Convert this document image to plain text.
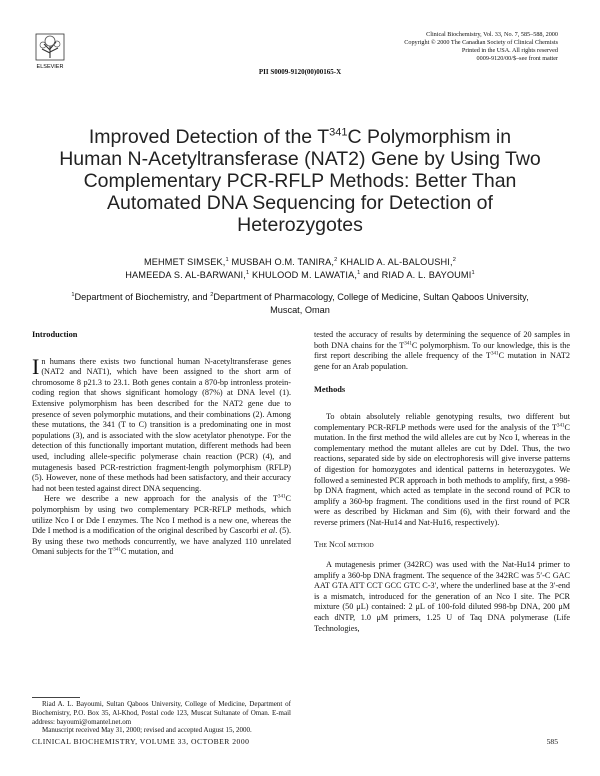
ELSEVIER
Clinical Biochemistry, Vol. 33, No. 7, 585–588, 2000
Copyright © 2000 The Canadian Society of Clinical Chemists
Printed in the USA. All rights reserved
0009-9120/00/$–see front matter
PII S0009-9120(00)00165-X
Improved Detection of the $T^{341}C$ Polymorphism in Human N-Acetyltransferase (NAT2) Gene by Using Two Complementary PCR-RFLP Methods: Better Than Automated DNA Sequencing for Detection of Heterozygotes
MEHMET SIMSEK,$^1$ MUSBAH O.M. TANIRA,$^2$ KHALID A. AL-BALOUSHI,$^2$
HAMEEDA S. AL-BARWANI,$^1$ KHULOOD M. LAWATIA,$^1$ and RIAD A. L. BAYOUMI$^1$
$^1$Department of Biochemistry, and $^2$Department of Pharmacology, College of Medicine, Sultan Qaboos University, Muscat, Oman

Introduction

In humans there exists two functional human N-acetyltransferase genes (NAT2 and NAT1), which have been assigned to the short arm of chromosome 8 p21.3 to 23.1. Both genes contain a 870-bp intronless protein-coding region that shows significant homology (87%) at DNA level (1). Extensive polymorphism has been described for the NAT2 gene due to presence of seven polymorphic mutations, and their combinations (2). Among these mutations, the 341 (T to C) transition is a predominating one in most populations (3), and is associated with the slow acetylator phenotype. For the detection of this functionally important mutation, different methods had been used, including allele-specific polymerase chain reaction (PCR) (4), and mutagenesis based PCR-restriction fragment-length polymorphism (RFLP) (5). However, none of these methods had been satisfactory, and their accuracy had not been tested against direct DNA sequencing.

Here we describe a new approach for the analysis of the $T^{341}C$ polymorphism by using two complementary PCR-RFLP methods, which utilize Nco I or Dde I enzymes. The Nco I method is a new one, whereas the Dde I method is a modification of the original described by Cascorbi et al. (5). By using these two methods concurrently, we have analyzed 110 unrelated Omani subjects for the $T^{341}C$ mutation, and

tested the accuracy of results by determining the sequence of 20 samples in both DNA chains for the $T^{341}C$ polymorphism. To our knowledge, this is the first report describing the allele frequency of the $T^{341}C$ mutation in NAT2 gene for an Arab population.

Methods

To obtain absolutely reliable genotyping results, two different but complementary PCR-RFLP methods were used for the analysis of the $T^{341}C$ mutation. In the first method the wild alleles are cut by Nco I, whereas in the complementary method the mutant alleles are cut by DdeI. Thus, the two reactions, separated side by side on electrophoresis will give inverse patterns of digestion for homozygotes and identical patterns in heterozygotes. We followed a seminested PCR approach in both methods to amplify, first, a 998-bp DNA fragment, which acted as template in the second round of PCR to amplify a 360-bp fragment. The conditions used in the first round of PCR were as described by Hickman and Sim (6), with their forward and the reverse primers (Nat-Hu14 and Nat-Hu16, respectively).

The NcoI method

A mutagenesis primer (342RC) was used with the Nat-Hu14 primer to amplify a 360-bp DNA fragment. The sequence of the 342RC was 5′-C GAC AAT GTA ATT CCT GCC GTC C-3′, where the underlined base at the 3′-end is a mismatch, introduced for the generation of an Nco I site. The PCR mixture (50 μL) contained: 2 μL of 100-fold diluted 998-bp DNA, 200 μM each dNTP, 1.0 μM primers, 1.25 U of Taq DNA polymerase (Life Technologies,

Riad A. L. Bayoumi, Sultan Qaboos University, College of Medicine, Department of Biochemistry, P.O. Box 35, Al-Khod, Postal code 123, Muscat Sultanate of Oman. E-mail address: bayoumi@omantel.net.om

Manuscript received May 31, 2000; revised and accepted August 15, 2000.

CLINICAL BIOCHEMISTRY, VOLUME 33, OCTOBER 2000	585
